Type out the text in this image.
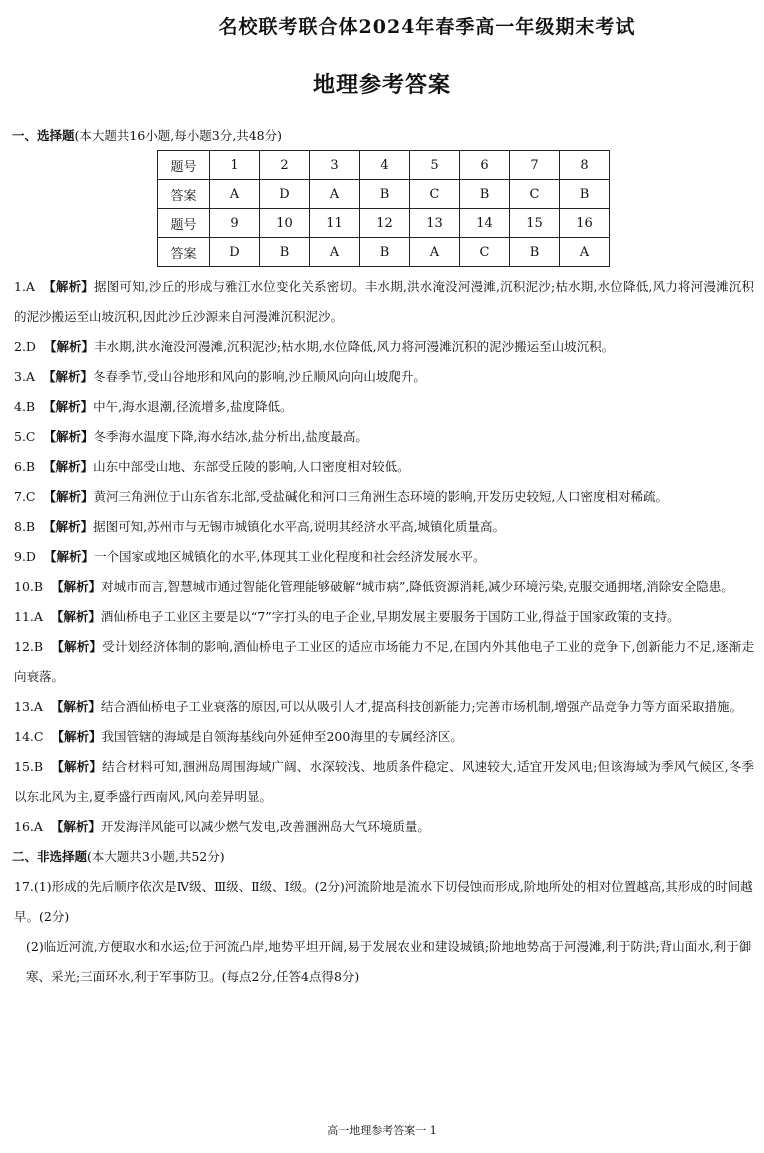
名校联考联合体2024年春季高一年级期末考试
地理参考答案
一、选择题(本大题共16小题,每小题3分,共48分)
题号	1	2	3	4	5	6	7	8
答案	A	D	A	B	C	B	C	B
题号	9	10	11	12	13	14	15	16
答案	D	B	A	B	A	C	B	A
1.A 【解析】据图可知,沙丘的形成与雅江水位变化关系密切。丰水期,洪水淹没河漫滩,沉积泥沙;枯水期,水位降低,风力将河漫滩沉积的泥沙搬运至山坡沉积,因此沙丘沙源来自河漫滩沉积泥沙。
2.D 【解析】丰水期,洪水淹没河漫滩,沉积泥沙;枯水期,水位降低,风力将河漫滩沉积的泥沙搬运至山坡沉积。
3.A 【解析】冬春季节,受山谷地形和风向的影响,沙丘顺风向向山坡爬升。
4.B 【解析】中午,海水退潮,径流增多,盐度降低。
5.C 【解析】冬季海水温度下降,海水结冰,盐分析出,盐度最高。
6.B 【解析】山东中部受山地、东部受丘陵的影响,人口密度相对较低。
7.C 【解析】黄河三角洲位于山东省东北部,受盐碱化和河口三角洲生态环境的影响,开发历史较短,人口密度相对稀疏。
8.B 【解析】据图可知,苏州市与无锡市城镇化水平高,说明其经济水平高,城镇化质量高。
9.D 【解析】一个国家或地区城镇化的水平,体现其工业化程度和社会经济发展水平。
10.B 【解析】对城市而言,智慧城市通过智能化管理能够破解“城市病”,降低资源消耗,减少环境污染,克服交通拥堵,消除安全隐患。
11.A 【解析】酒仙桥电子工业区主要是以“7”字打头的电子企业,早期发展主要服务于国防工业,得益于国家政策的支持。
12.B 【解析】受计划经济体制的影响,酒仙桥电子工业区的适应市场能力不足,在国内外其他电子工业的竞争下,创新能力不足,逐渐走向衰落。
13.A 【解析】结合酒仙桥电子工业衰落的原因,可以从吸引人才,提高科技创新能力;完善市场机制,增强产品竞争力等方面采取措施。
14.C 【解析】我国管辖的海域是自领海基线向外延伸至200海里的专属经济区。
15.B 【解析】结合材料可知,涠洲岛周围海域广阔、水深较浅、地质条件稳定、风速较大,适宜开发风电;但该海域为季风气候区,冬季以东北风为主,夏季盛行西南风,风向差异明显。
16.A 【解析】开发海洋风能可以减少燃气发电,改善涠洲岛大气环境质量。
二、非选择题(本大题共3小题,共52分)
17.(1)形成的先后顺序依次是Ⅳ级、Ⅲ级、Ⅱ级、Ⅰ级。(2分)河流阶地是流水下切侵蚀而形成,阶地所处的相对位置越高,其形成的时间越早。(2分)
(2)临近河流,方便取水和水运;位于河流凸岸,地势平坦开阔,易于发展农业和建设城镇;阶地地势高于河漫滩,利于防洪;背山面水,利于御寒、采光;三面环水,利于军事防卫。(每点2分,任答4点得8分)
高一地理参考答案一 1
